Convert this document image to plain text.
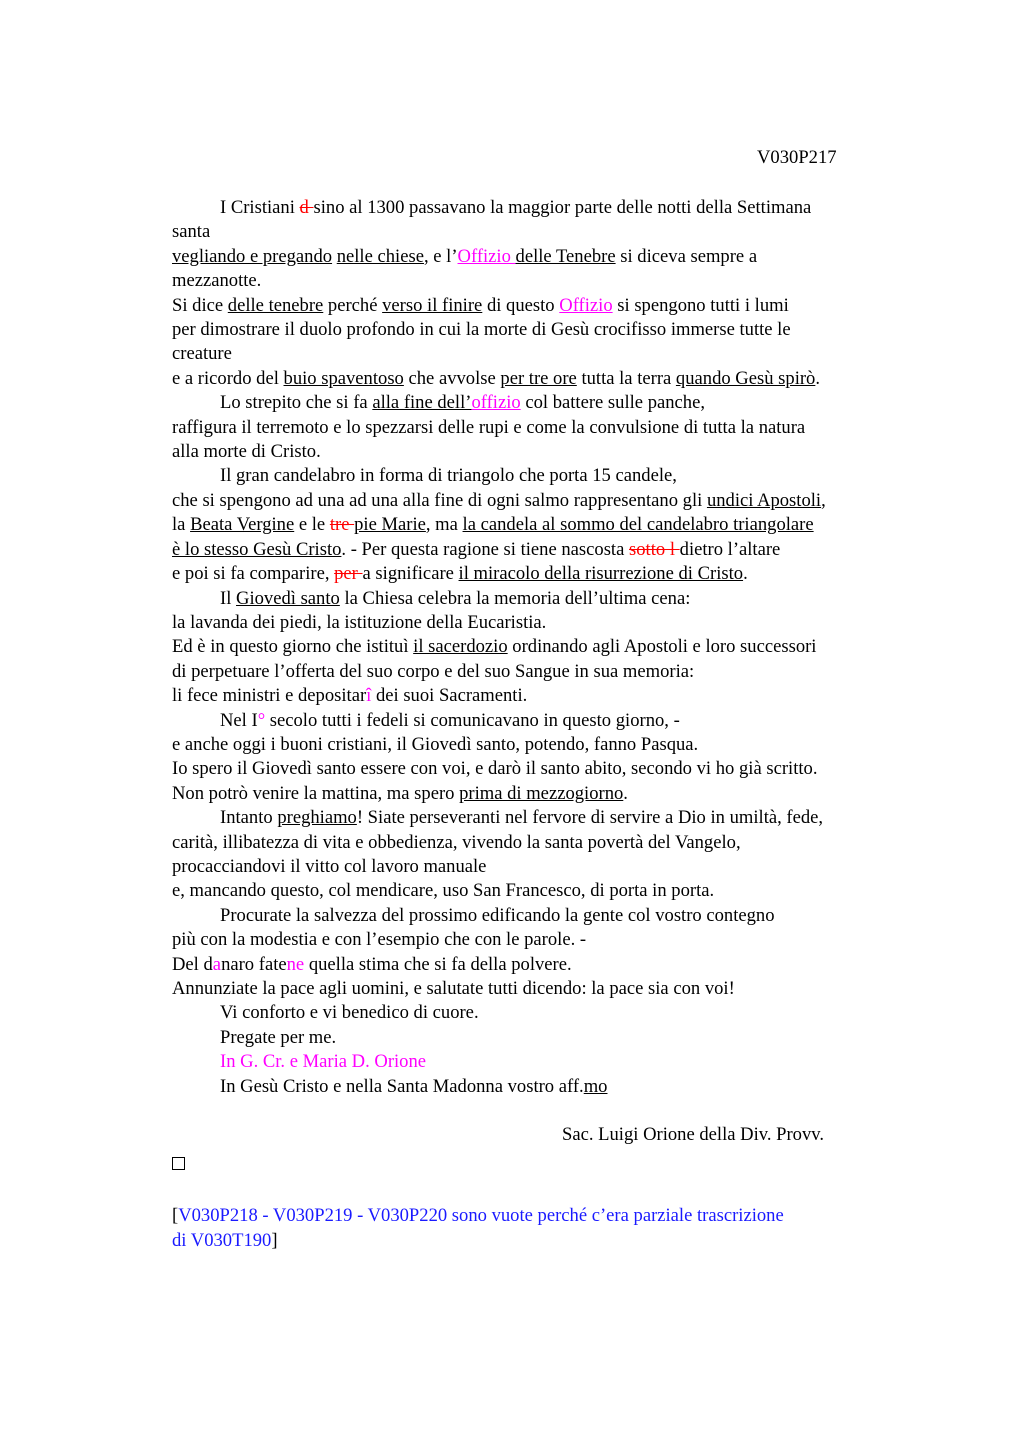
V030P217
I Cristiani d sino al 1300 passavano la maggior parte delle notti della Settimana
santa
vegliando e pregando nelle chiese, e l’Offizio delle Tenebre si diceva sempre a
mezzanotte.
Si dice delle tenebre perché verso il finire di questo Offizio si spengono tutti i lumi
per dimostrare il duolo profondo in cui la morte di Gesù crocifisso immerse tutte le
creature
e a ricordo del buio spaventoso che avvolse per tre ore tutta la terra quando Gesù spirò.
Lo strepito che si fa alla fine dell’offizio col battere sulle panche,
raffigura il terremoto e lo spezzarsi delle rupi e come la convulsione di tutta la natura
alla morte di Cristo.
Il gran candelabro in forma di triangolo che porta 15 candele,
che si spengono ad una ad una alla fine di ogni salmo rappresentano gli undici Apostoli,
la Beata Vergine e le tre pie Marie, ma la candela al sommo del candelabro triangolare
è lo stesso Gesù Cristo. - Per questa ragione si tiene nascosta sotto l dietro l’altare
e poi si fa comparire, per a significare il miracolo della risurrezione di Cristo.
Il Giovedì santo la Chiesa celebra la memoria dell’ultima cena:
la lavanda dei piedi, la istituzione della Eucaristia.
Ed è in questo giorno che istituì il sacerdozio ordinando agli Apostoli e loro successori
di perpetuare l’offerta del suo corpo e del suo Sangue in sua memoria:
li fece ministri e depositarî dei suoi Sacramenti.
Nel I° secolo tutti i fedeli si comunicavano in questo giorno, -
e anche oggi i buoni cristiani, il Giovedì santo, potendo, fanno Pasqua.
Io spero il Giovedì santo essere con voi, e darò il santo abito, secondo vi ho già scritto.
Non potrò venire la mattina, ma spero prima di mezzogiorno.
Intanto preghiamo! Siate perseveranti nel fervore di servire a Dio in umiltà, fede,
carità, illibatezza di vita e obbedienza, vivendo la santa povertà del Vangelo,
procacciandovi il vitto col lavoro manuale
e, mancando questo, col mendicare, uso San Francesco, di porta in porta.
Procurate la salvezza del prossimo edificando la gente col vostro contegno
più con la modestia e con l’esempio che con le parole. -
Del danaro fatene quella stima che si fa della polvere.
Annunziate la pace agli uomini, e salutate tutti dicendo: la pace sia con voi!
Vi conforto e vi benedico di cuore.
Pregate per me.
In G. Cr. e Maria D. Orione
In Gesù Cristo e nella Santa Madonna vostro aff.mo
Sac. Luigi Orione della Div. Provv.
[V030P218 - V030P219 - V030P220 sono vuote perché c’era parziale trascrizione
di V030T190]
